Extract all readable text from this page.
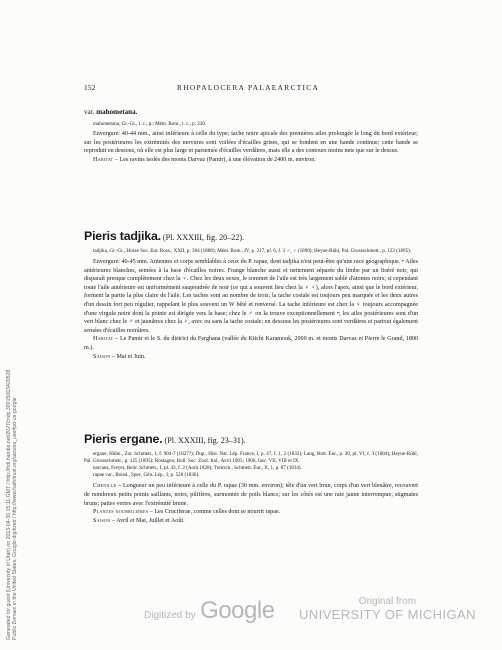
152	RHOPALOCERA PALAEARCTICA

var. mahometana.

mahometana, Gr.-Gr., l. c., p.; Mém. Rom., l. c., p. 230.

Envergure: 40-44 mm., ainsi inférieure à celle du type; tache noire apicale des premières ailes prolongée le long du bord extérieur; sur les postérieures les extrémités des nervures sont voilées d'écailles grises, qui se fondent en une bande continue; cette bande se reproduit en dessous, où elle est plus large et parsemée d'écailles verdâtres, mais elle a des contours moins nets que sur le dessus.

Habitat – Les ravins isolés des monts Darvaz (Pamir), à une élévation de 2400 m. environ.

Pieris tadjika. (Pl. XXXIII, fig. 20–22).

tadjika, Gr.-Gr., Horae Soc. Ent. Ross., XXII, p. 304 (1888); Mém. Rom., IV, p. 217, pl. 6, f. 3 ♂, ♀ (1890); Heyne-Rühl, Pal. Grossschmett., p. 123 (1895).

Envergure: 40-45 mm. Antennes et corps semblables à ceux du P. rapae, dont tadjika n'est peut-être qu'une race géographique. • Ailes antérieures blanches, semées à la base d'écailles noires. Frange blanche aussi et nettement séparée du limbe par un liséré noir, qui disparaît presque complètement chez la ♀. Chez les deux sexes, le sommet de l'aile est très largement sablé d'atomes noirs; si cependant toute l'aile antérieure est uniformément saupoudrée de noir (ce qui a souvent lieu chez la ♀ ♀), alors l'apex, ainsi que le bord extérieur, forment la partie la plus claire de l'aile. Les taches sont au nombre de trois; la tache costale est toujours peu marquée et les deux autres d'un dessin fort peu régulier, rappelant le plus souvent un W bêté et renversé. La tache inférieure est chez la ♀ toujours accompagnée d'une virgule noire dont la pointe est dirigée vers la base; chez le ♂ on la trouve exceptionnellement •; les ailes postérieures sont d'un vert blanc chez le ♂ et jaunâtres chez la ♀, avec ou sans la tache costale; en dessous les postérieures sont verdâtres et partout également semées d'écailles noirâtres.

Habitat – Le Pamir et le S. du district du Ferghana (vallée du Kitchi Karamouk, 2000 m. et monts Darvaz et Pierre le Grand, 1800 m.).

Saison – Mai et Juin.

Pieris ergane. (Pl. XXXIII, fig. 23–31).

ergane, Hübn., Zur. Schmett., I, f. 904-7 (1827?); Dup., Hist. Nat. Lép. France, I, p. 47, f. 1, 2 (1832); Lang, Butt. Eur., p. 30, pl. VI, f. 3 (1884); Heyne-Rühl, Pal. Grossschmett., p. 125 (1895); Rostagno, Bull. Soc. Zool. Ital., Avril 1905; 1906, fasc. VII, VIII et IX.

narcaea, Freyer, Beitr. Schmett., I, pl. 43, f. 2 (Août 1828); Treitsch., Schmett. Eur., X, 1, p. 87 (1834).

rapae var., Boisd., Spec. Gén. Lép., I, p. 520 (1836).

Chenille – Longueur un peu inférieure à celle du P. rapae (30 mm. environ); tête d'un vert brun, corps d'un vert bleuâtre, recouvert de nombreux petits points saillants, noirs, pilifères, surmontés de poils blancs; sur les côtés est une raie jaune interrompue; stigmates bruns; pattes vertes avec l'extrémité brune.

Plantes nourricières – Les Cruciferae, comme celles dont se nourrit rapae.

Saison – Avril et Mai, Juillet et Août.

Digitized by Google	Original from
UNIVERSITY OF MICHIGAN
Generated for guest (University of Utah) on 2013-04-30 15:11 GMT / http://hdl.handle.net/2027/mdp.39015063420528 Public Domain in the United States, Google-digitized / http://www.hathitrust.org/access_use#pd-us-google
